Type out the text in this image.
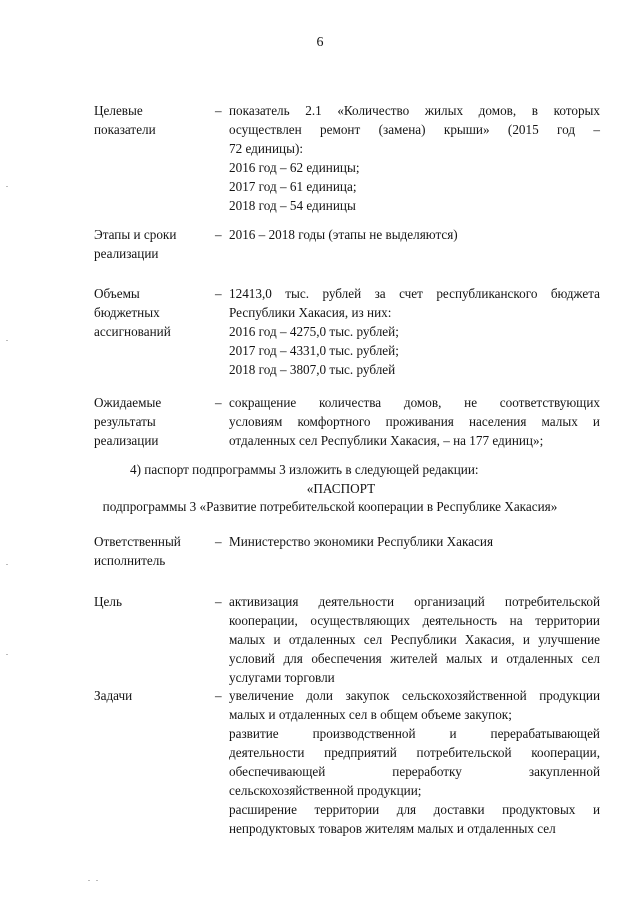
6
Целевые
показатели
– показатель 2.1 «Количество жилых домов, в которых
осуществлен ремонт (замена) крыши» (2015 год –
72 единицы):
2016 год – 62 единицы;
2017 год – 61 единица;
2018 год – 54 единицы
Этапы и сроки
реализации
– 2016 – 2018 годы (этапы не выделяются)
Объемы
бюджетных
ассигнований
– 12413,0 тыс. рублей за счет республиканского бюджета
Республики Хакасия, из них:
2016 год – 4275,0 тыс. рублей;
2017 год – 4331,0 тыс. рублей;
2018 год – 3807,0 тыс. рублей
Ожидаемые
результаты
реализации
– сокращение количества домов, не соответствующих
условиям комфортного проживания населения малых и
отдаленных сел Республики Хакасия, – на 177 единиц»;
4) паспорт подпрограммы 3 изложить в следующей редакции:
«ПАСПОРТ
подпрограммы 3 «Развитие потребительской кооперации в Республике Хакасия»
Ответственный
исполнитель
– Министерство экономики Республики Хакасия
Цель	– активизация деятельности организаций потребительской
кооперации, осуществляющих деятельность на территории
малых и отдаленных сел Республики Хакасия, и улучшение
условий для обеспечения жителей малых и отдаленных сел
услугами торговли
Задачи	– увеличение доли закупок сельскохозяйственной продукции
малых и отдаленных сел в общем объеме закупок;
развитие производственной и перерабатывающей
деятельности предприятий потребительской кооперации,
обеспечивающей переработку закупленной
сельскохозяйственной продукции;
расширение территории для доставки продуктовых и
непродуктовых товаров жителям малых и отдаленных сел
